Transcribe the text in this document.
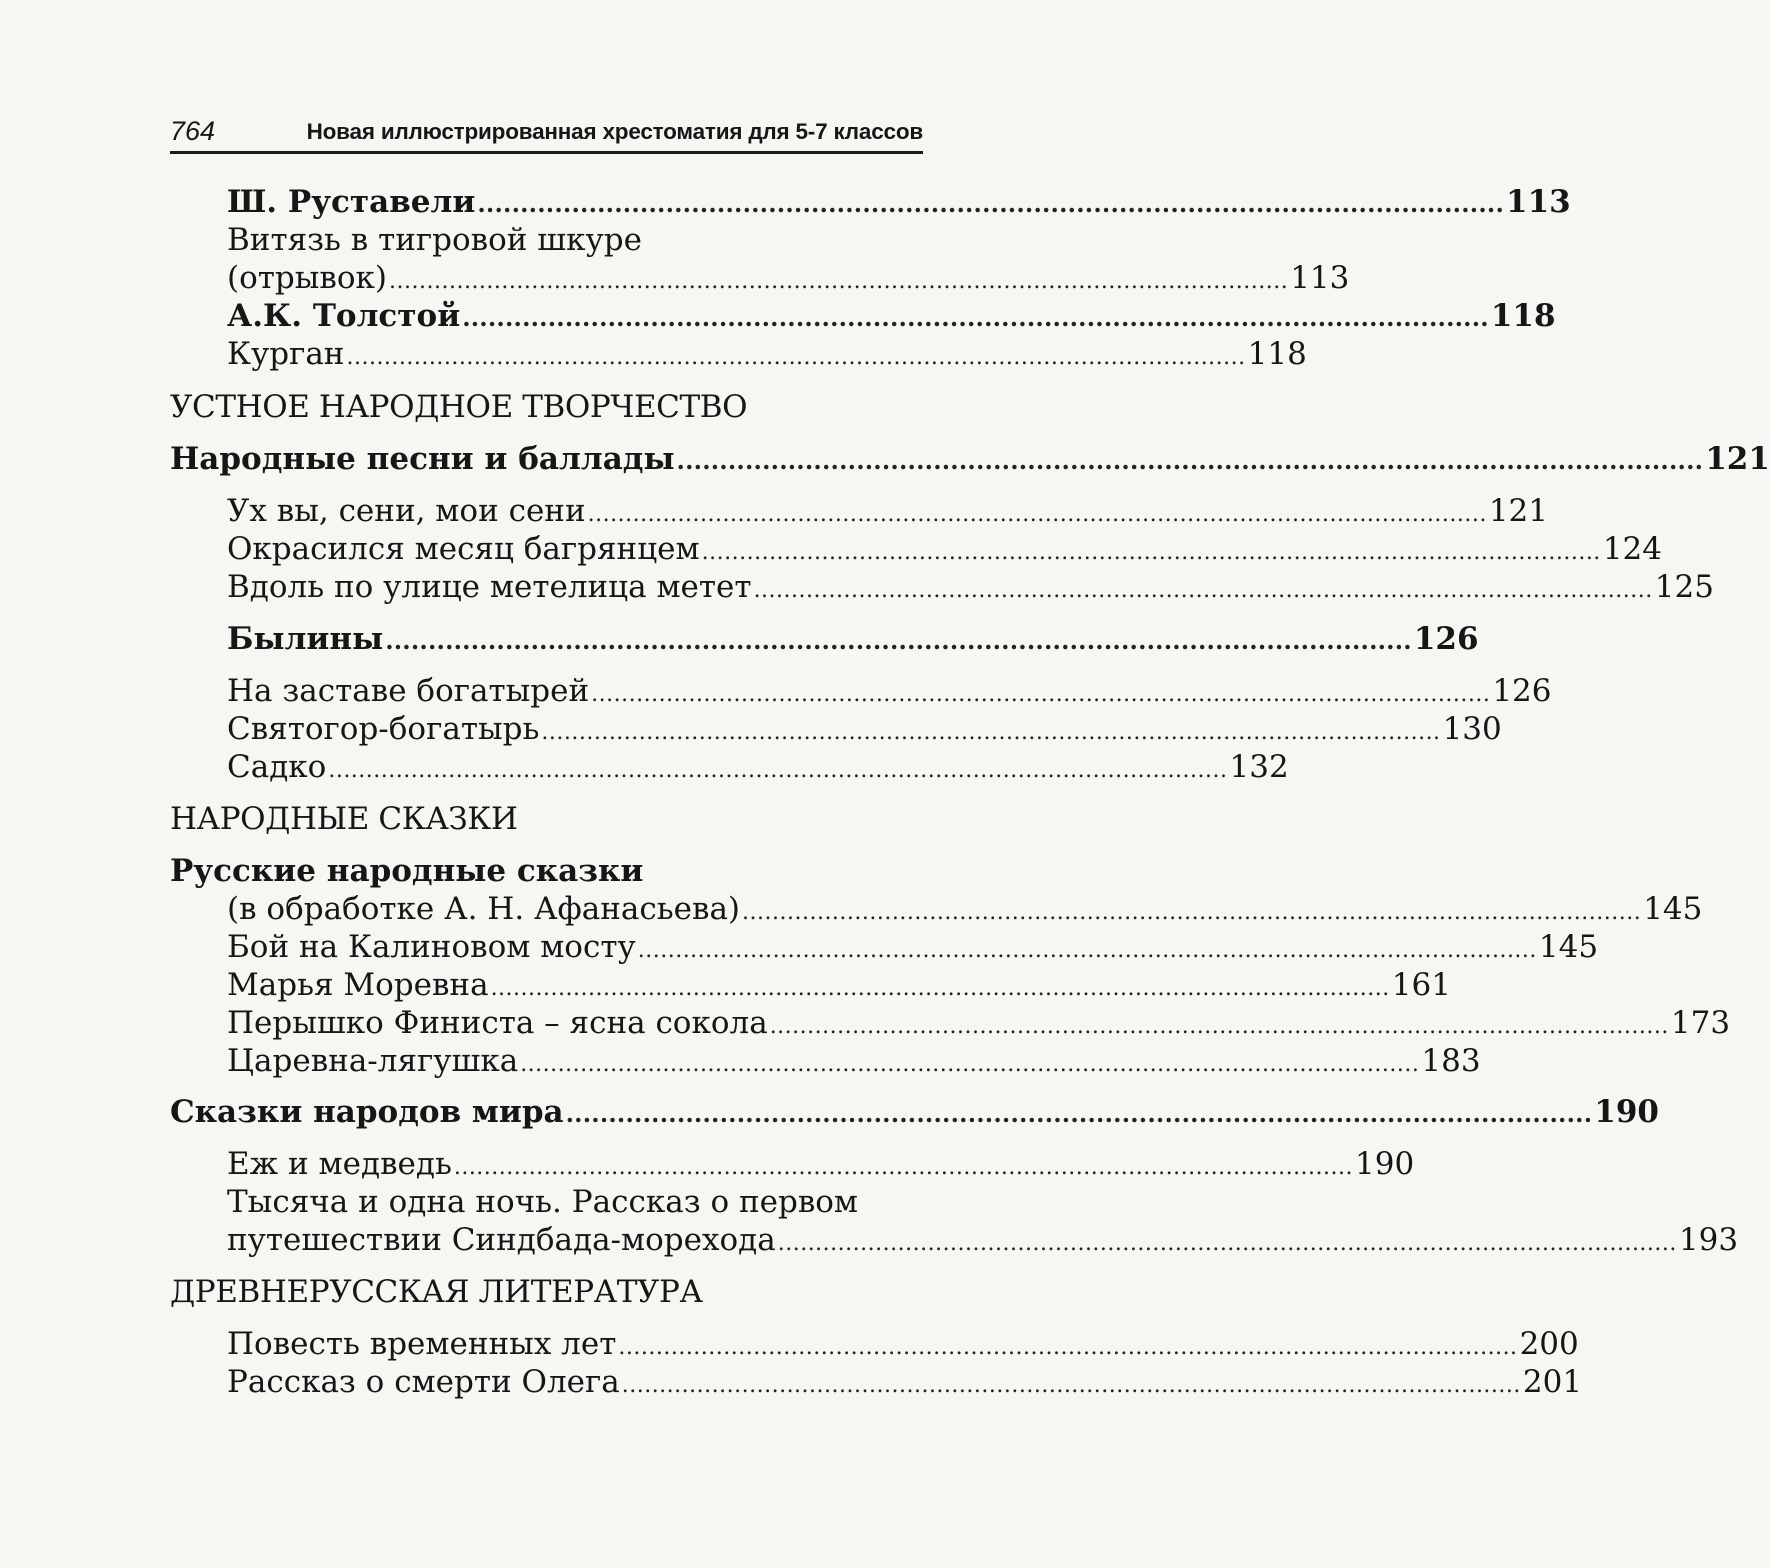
764	Новая иллюстрированная хрестоматия для 5-7 классов
Ш. Руставели ........................................................................................................................ 113
Витязь в тигровой шкуре
(отрывок) ........................................................................................................................ 113
А.К. Толстой ........................................................................................................................ 118
Курган ........................................................................................................................ 118
УСТНОЕ НАРОДНОЕ ТВОРЧЕСТВО
Народные песни и баллады ........................................................................................................................ 121
Ух вы, сени, мои сени ........................................................................................................................ 121
Окрасился месяц багрянцем ........................................................................................................................ 124
Вдоль по улице метелица метет ........................................................................................................................ 125
Былины ........................................................................................................................ 126
На заставе богатырей ........................................................................................................................ 126
Святогор-богатырь ........................................................................................................................ 130
Садко ........................................................................................................................ 132
НАРОДНЫЕ СКАЗКИ
Русские народные сказки
(в обработке А. Н. Афанасьева) ........................................................................................................................ 145
Бой на Калиновом мосту ........................................................................................................................ 145
Марья Моревна ........................................................................................................................ 161
Перышко Финиста – ясна сокола ........................................................................................................................ 173
Царевна-лягушка ........................................................................................................................ 183
Сказки народов мира ........................................................................................................................ 190
Еж и медведь ........................................................................................................................ 190
Тысяча и одна ночь. Рассказ о первом
путешествии Синдбада-морехода ........................................................................................................................ 193
ДРЕВНЕРУССКАЯ ЛИТЕРАТУРА
Повесть временных лет ........................................................................................................................ 200
Рассказ о смерти Олега ........................................................................................................................ 201
